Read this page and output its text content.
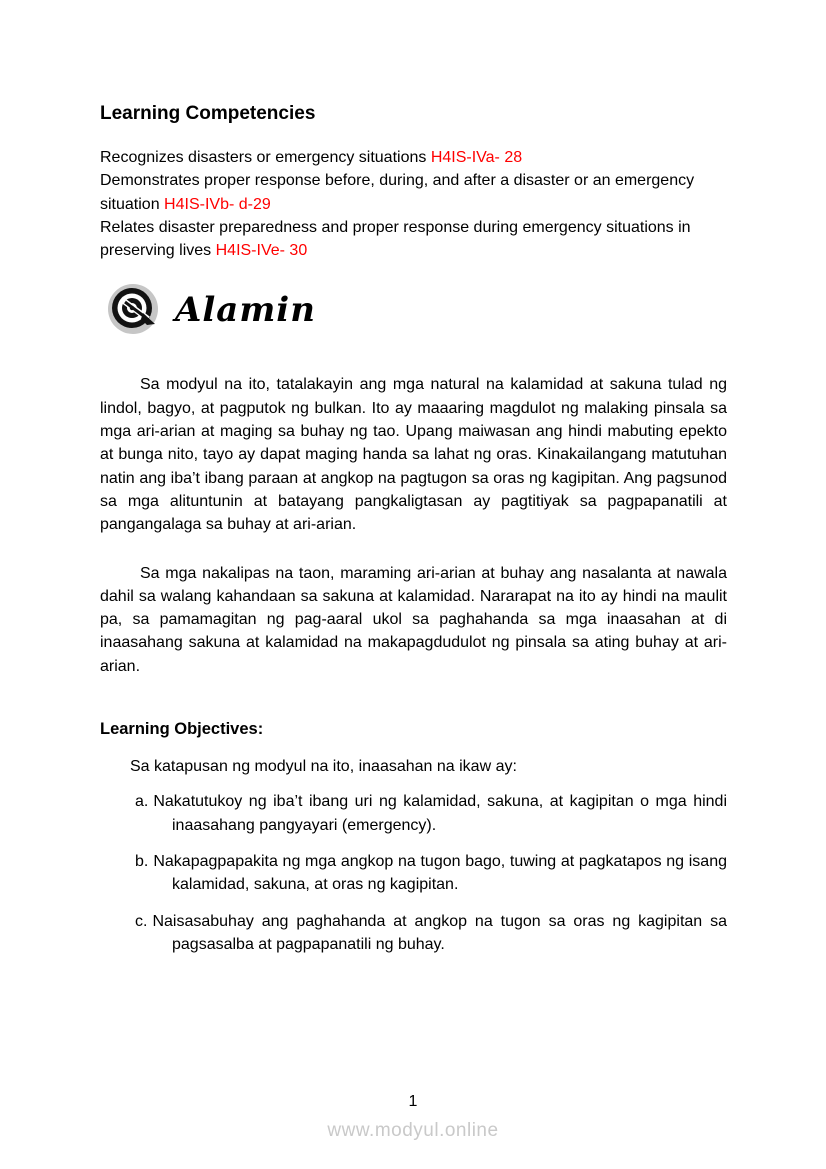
Learning Competencies

Recognizes disasters or emergency situations H4IS-IVa- 28

Demonstrates proper response before, during, and after a disaster or an emergency situation H4IS-IVb- d-29

Relates disaster preparedness and proper response during emergency situations in preserving lives H4IS-IVe- 30

Alamin

Sa modyul na ito, tatalakayin ang mga natural na kalamidad at sakuna tulad ng lindol, bagyo, at pagputok ng bulkan. Ito ay maaaring magdulot ng malaking pinsala sa mga ari-arian at maging sa buhay ng tao. Upang maiwasan ang hindi mabuting epekto at bunga nito, tayo ay dapat maging handa sa lahat ng oras. Kinakailangang matutuhan natin ang iba’t ibang paraan at angkop na pagtugon sa oras ng kagipitan. Ang pagsunod sa mga alituntunin at batayang pangkaligtasan ay pagtitiyak sa pagpapanatili at pangangalaga sa buhay at ari-arian.

Sa mga nakalipas na taon, maraming ari-arian at buhay ang nasalanta at nawala dahil sa walang kahandaan sa sakuna at kalamidad. Nararapat na ito ay hindi na maulit pa, sa pamamagitan ng pag-aaral ukol sa paghahanda sa mga inaasahan at di inaasahang sakuna at kalamidad na makapagdudulot ng pinsala sa ating buhay at ari-arian.

Learning Objectives:

Sa katapusan ng modyul na ito, inaasahan na ikaw ay:

a. Nakatutukoy ng iba’t ibang uri ng kalamidad, sakuna, at kagipitan o mga hindi inaasahang pangyayari (emergency).

b. Nakapagpapakita ng mga angkop na tugon bago, tuwing at pagkatapos ng isang kalamidad, sakuna, at oras ng kagipitan.

c. Naisasabuhay ang paghahanda at angkop na tugon sa oras ng kagipitan sa pagsasalba at pagpapanatili ng buhay.

1
www.modyul.online
